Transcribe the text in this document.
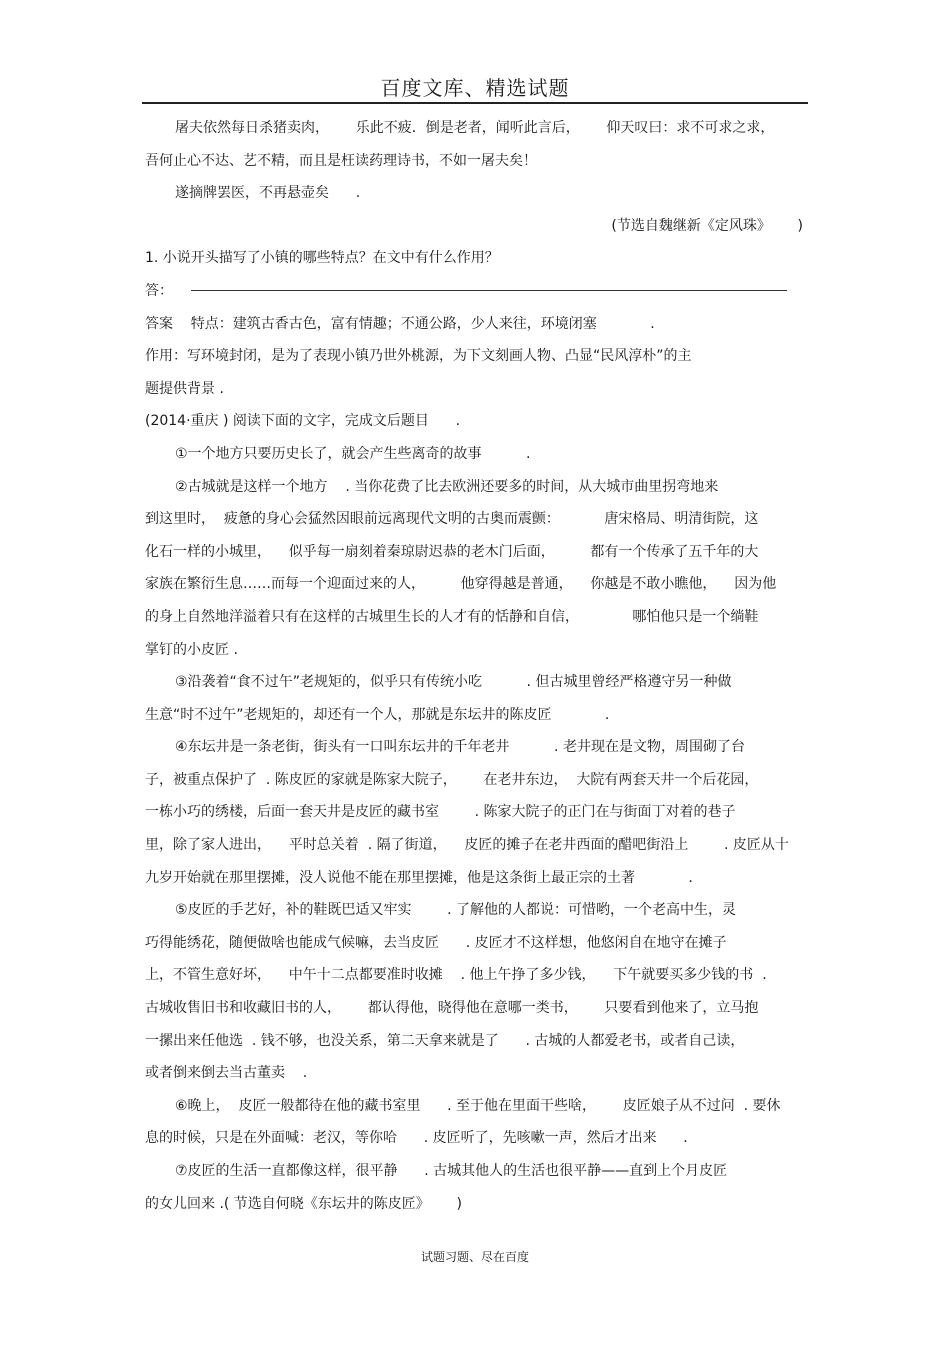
百度文库、精选试题
屠夫依然每日杀猪卖肉，      乐此不疲．倒是老者，闻听此言后，      仰天叹曰：求不可求之求，
吾何止心不达、艺不精，而且是枉读药理诗书，不如一屠夫矣！
遂摘牌罢医，不再悬壶矣      .
(节选自魏继新《定风珠》      )
1. 小说开头描写了小镇的哪些特点？在文中有什么作用？
答：
答案    特点：建筑古香古色，富有情趣；不通公路，少人来往，环境闭塞            .
作用：写环境封闭，是为了表现小镇乃世外桃源，为下文刻画人物、凸显“民风淳朴”的主
题提供背景 .
(2014·重庆 ) 阅读下面的文字，完成文后题目      .
①一个地方只要历史长了，就会产生些离奇的故事          .
②古城就是这样一个地方    . 当你花费了比去欧洲还要多的时间，从大城市曲里拐弯地来
到这里时，  疲惫的身心会猛然因眼前远离现代文明的古奥而震颤：          唐宋格局、明清街院，这
化石一样的小城里，    似乎每一扇刻着秦琼尉迟恭的老木门后面，        都有一个传承了五千年的大
家族在繁衍生息……而每一个迎面过来的人，        他穿得越是普通，    你越是不敢小瞧他，    因为他
的身上自然地洋溢着只有在这样的古城里生长的人才有的恬静和自信，            哪怕他只是一个绱鞋
掌钉的小皮匠 .
③沿袭着“食不过午”老规矩的，似乎只有传统小吃          . 但古城里曾经严格遵守另一种做
生意“时不过午”老规矩的，却还有一个人，那就是东坛井的陈皮匠            .
④东坛井是一条老街，街头有一口叫东坛井的千年老井          . 老井现在是文物，周围砌了台
子，被重点保护了  . 陈皮匠的家就是陈家大院子，      在老井东边，  大院有两套天井一个后花园，
一栋小巧的绣楼，后面一套天井是皮匠的藏书室        . 陈家大院子的正门在与街面丁对着的巷子
里，除了家人进出，    平时总关着  . 隔了街道，    皮匠的摊子在老井西面的醋吧街沿上        . 皮匠从十
九岁开始就在那里摆摊，没人说他不能在那里摆摊，他是这条街上最正宗的土著            .
⑤皮匠的手艺好，补的鞋既巴适又牢实        . 了解他的人都说：可惜哟，一个老高中生，灵
巧得能绣花，随便做啥也能成气候嘛，去当皮匠      . 皮匠才不这样想，他悠闲自在地守在摊子
上，不管生意好坏，    中午十二点都要准时收摊    . 他上午挣了多少钱，    下午就要买多少钱的书  .
古城收售旧书和收藏旧书的人，      都认得他，晓得他在意哪一类书，      只要看到他来了，立马抱
一摞出来任他选  . 钱不够，也没关系，第二天拿来就是了      . 古城的人都爱老书，或者自己读，
或者倒来倒去当古董卖    .
⑥晚上，  皮匠一般都待在他的藏书室里      . 至于他在里面干些啥，      皮匠娘子从不过问  . 要休
息的时候，只是在外面喊：老汉，等你哈      . 皮匠听了，先咳嗽一声，然后才出来      .
⑦皮匠的生活一直都像这样，很平静      . 古城其他人的生活也很平静——直到上个月皮匠
的女儿回来 .( 节选自何晓《东坛井的陈皮匠》      )
试题习题、尽在百度
